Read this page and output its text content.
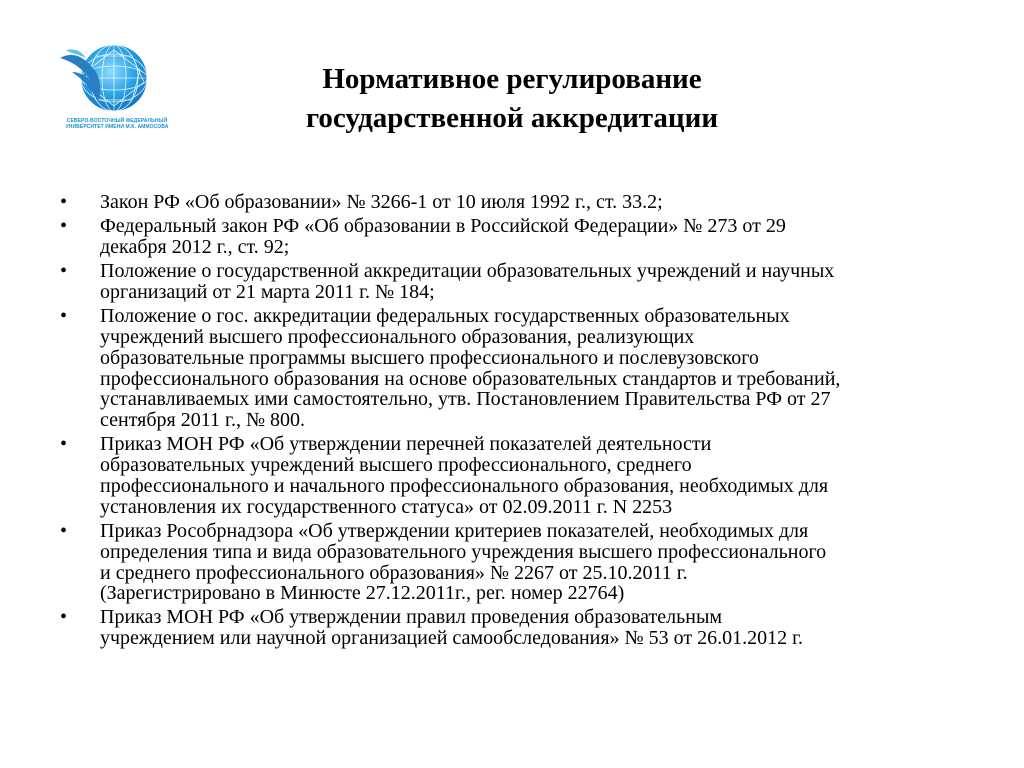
СЕВЕРО-ВОСТОЧНЫЙ ФЕДЕРАЛЬНЫЙ
УНИВЕРСИТЕТ ИМЕНИ М.К. АММОСОВА
Нормативное регулирование
государственной аккредитации
•	Закон РФ «Об образовании» № 3266-1 от 10 июля 1992 г., ст. 33.2;
•	Федеральный закон РФ «Об образовании в Российской Федерации» № 273 от 29
декабря 2012 г., ст. 92;
•	Положение о государственной аккредитации образовательных учреждений и научных
организаций от 21 марта 2011 г. № 184;
•	Положение о гос. аккредитации федеральных государственных образовательных
учреждений высшего профессионального образования, реализующих
образовательные программы высшего профессионального и послевузовского
профессионального образования на основе образовательных стандартов и требований,
устанавливаемых ими самостоятельно, утв. Постановлением Правительства РФ от 27
сентября 2011 г., № 800.
•	Приказ МОН РФ «Об утверждении перечней показателей деятельности
образовательных учреждений высшего профессионального, среднего
профессионального и начального профессионального образования, необходимых для
установления их государственного статуса» от 02.09.2011 г. N 2253
•	Приказ Рособрнадзора «Об утверждении критериев показателей, необходимых для
определения типа и вида образовательного учреждения высшего профессионального
и среднего профессионального образования» № 2267 от 25.10.2011 г.
(Зарегистрировано в Минюсте 27.12.2011г., рег. номер 22764)
•	Приказ МОН РФ «Об утверждении правил проведения образовательным
учреждением или научной организацией самообследования» № 53 от 26.01.2012 г.
